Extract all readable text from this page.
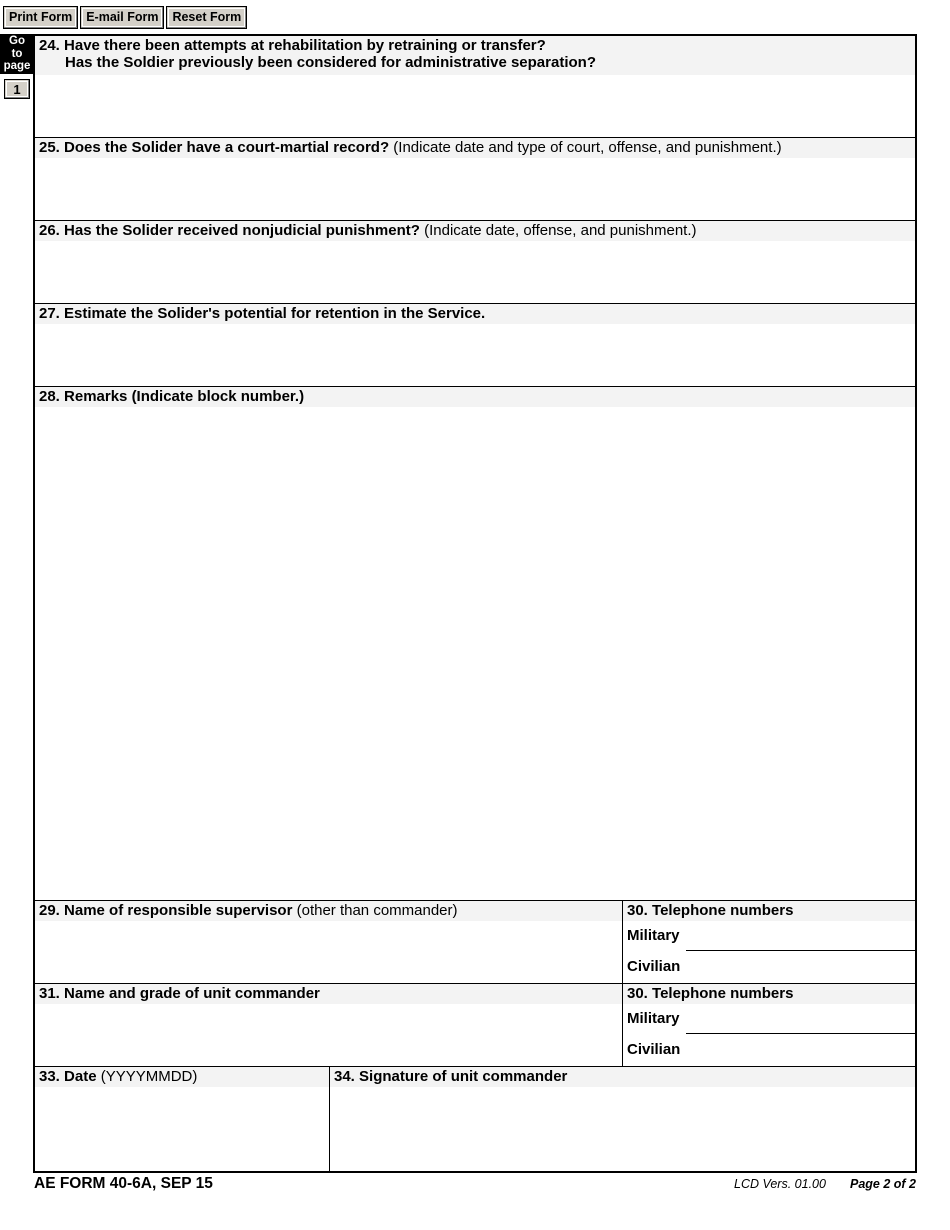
Print Form	E-mail Form	Reset Form
Go
to
page
1
24. Have there been attempts at rehabilitation by retraining or transfer?
Has the Soldier previously been considered for administrative separation?
25. Does the Solider have a court-martial record? (Indicate date and type of court, offense, and punishment.)
26. Has the Solider received nonjudicial punishment? (Indicate date, offense, and punishment.)
27. Estimate the Solider's potential for retention in the Service.
28. Remarks (Indicate block number.)
29. Name of responsible supervisor (other than commander)	30. Telephone numbers
Military
Civilian
31. Name and grade of unit commander	30. Telephone numbers
Military
Civilian
33. Date (YYYYMMDD)	34. Signature of unit commander
AE FORM 40-6A, SEP 15	LCD Vers. 01.00 Page 2 of 2
